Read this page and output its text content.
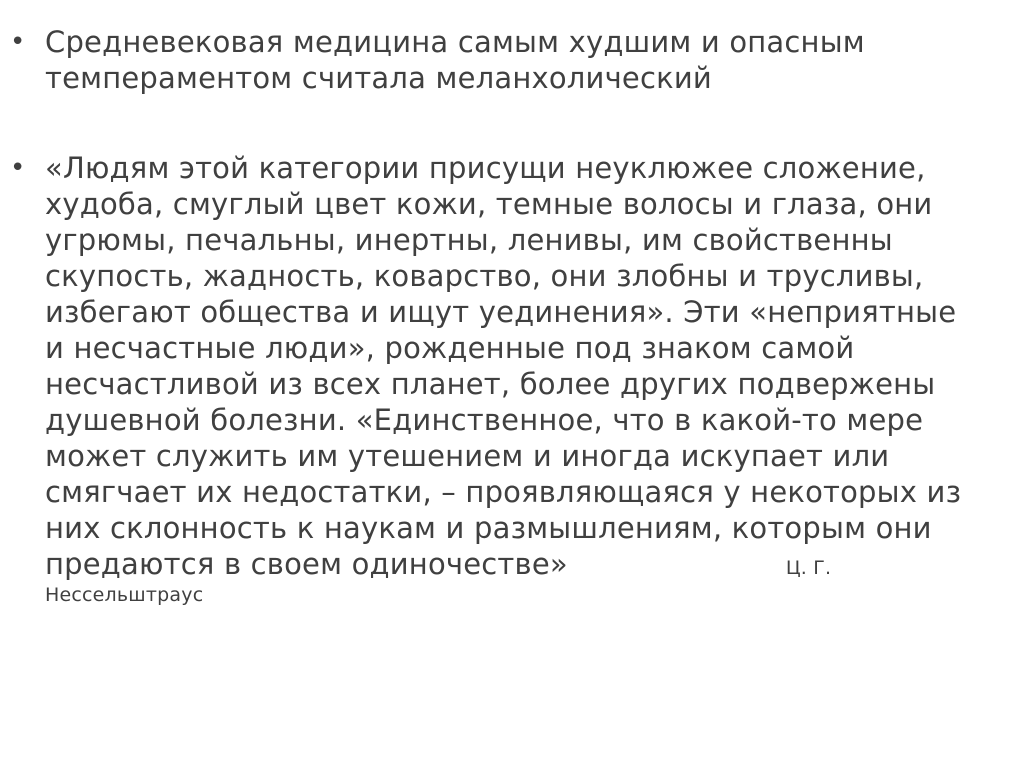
• Средневековая медицина самым худшим и опасным
темпераментом считала меланхолический
• «Людям этой категории присущи неуклюжее сложение,
худоба, смуглый цвет кожи, темные волосы и глаза, они
угрюмы, печальны, инертны, ленивы, им свойственны
скупость, жадность, коварство, они злобны и трусливы,
избегают общества и ищут уединения». Эти «неприятные
и несчастные люди», рожденные под знаком самой
несчастливой из всех планет, более других подвержены
душевной болезни. «Единственное, что в какой-то мере
может служить им утешением и иногда искупает или
смягчает их недостатки, – проявляющаяся у некоторых из
них склонность к наукам и размышлениям, которым они
предаются в своем одиночестве»	Ц. Г.
Нессельштраус
